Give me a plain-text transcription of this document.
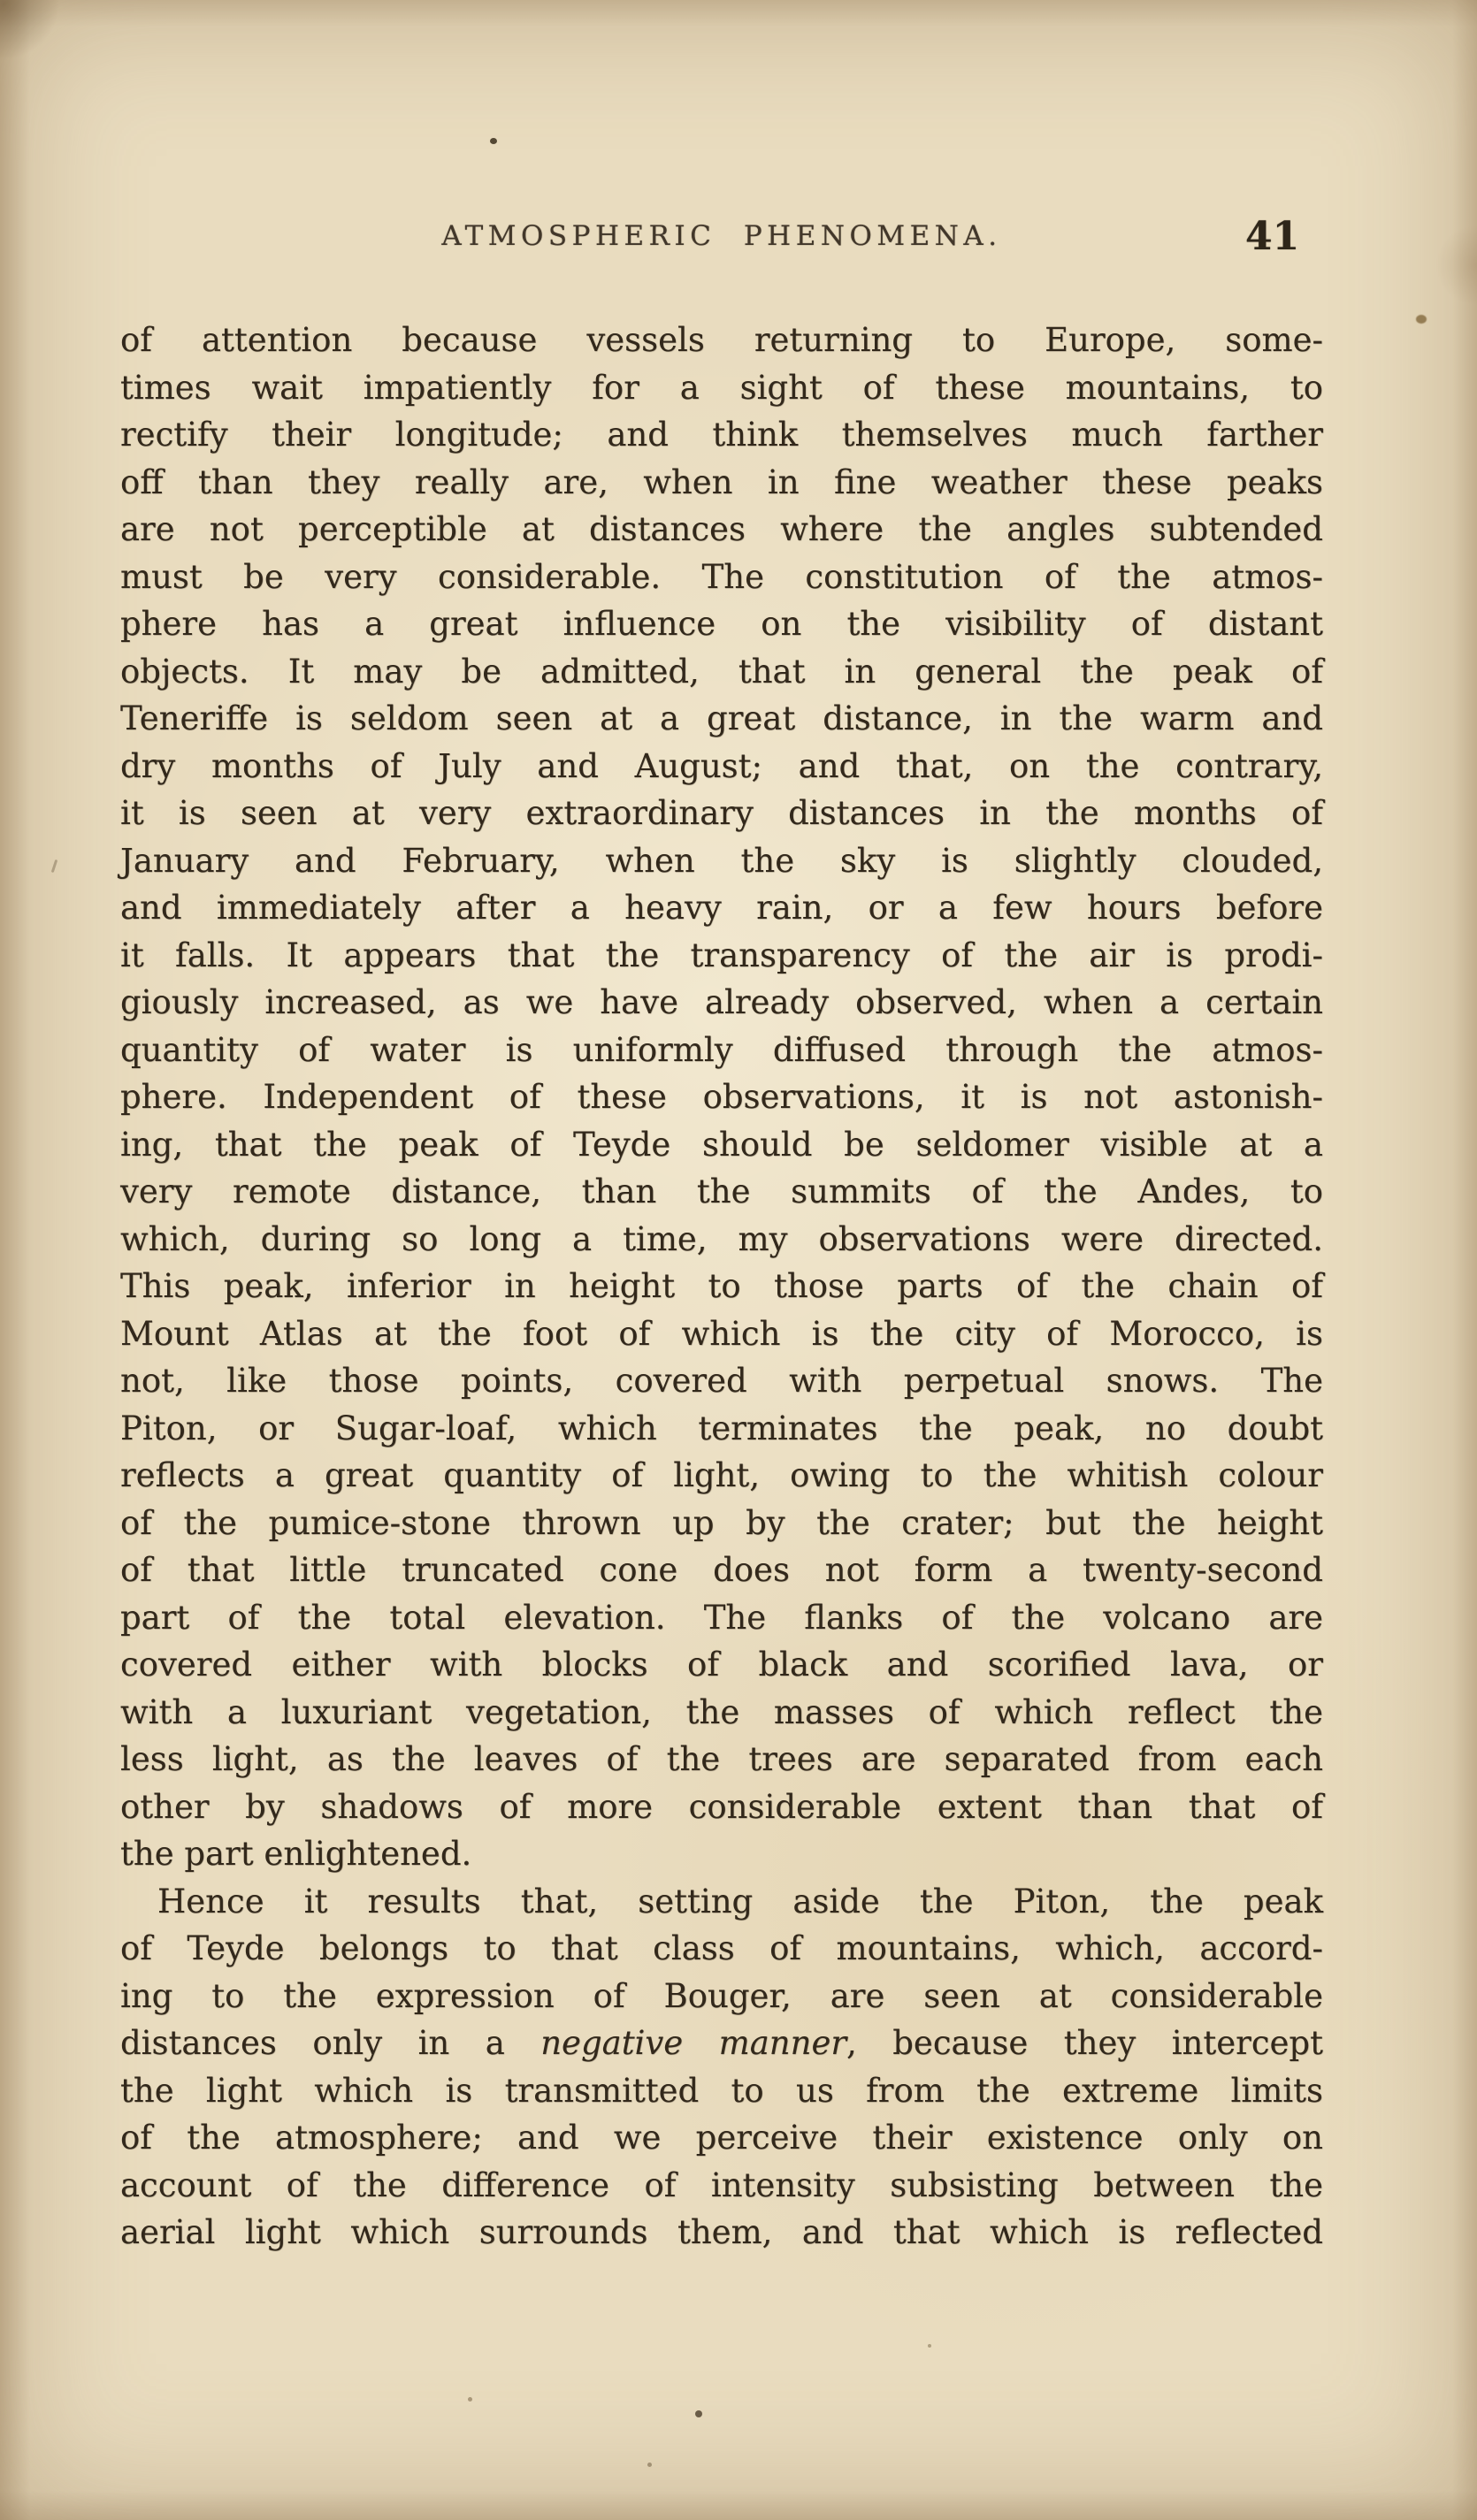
ATMOSPHERIC PHENOMENA.	41
of attention because vessels returning to Europe, some-
times wait impatiently for a sight of these mountains, to
rectify their longitude; and think themselves much farther
off than they really are, when in fine weather these peaks
are not perceptible at distances where the angles subtended
must be very considerable. The constitution of the atmos-
phere has a great influence on the visibility of distant
objects. It may be admitted, that in general the peak of
Teneriffe is seldom seen at a great distance, in the warm and
dry months of July and August; and that, on the contrary,
it is seen at very extraordinary distances in the months of
January and February, when the sky is slightly clouded,
and immediately after a heavy rain, or a few hours before
it falls. It appears that the transparency of the air is prodi-
giously increased, as we have already observed, when a certain
quantity of water is uniformly diffused through the atmos-
phere. Independent of these observations, it is not astonish-
ing, that the peak of Teyde should be seldomer visible at a
very remote distance, than the summits of the Andes, to
which, during so long a time, my observations were directed.
This peak, inferior in height to those parts of the chain of
Mount Atlas at the foot of which is the city of Morocco, is
not, like those points, covered with perpetual snows. The
Piton, or Sugar-loaf, which terminates the peak, no doubt
reflects a great quantity of light, owing to the whitish colour
of the pumice-stone thrown up by the crater; but the height
of that little truncated cone does not form a twenty-second
part of the total elevation. The flanks of the volcano are
covered either with blocks of black and scorified lava, or
with a luxuriant vegetation, the masses of which reflect the
less light, as the leaves of the trees are separated from each
other by shadows of more considerable extent than that of
the part enlightened.
Hence it results that, setting aside the Piton, the peak
of Teyde belongs to that class of mountains, which, accord-
ing to the expression of Bouger, are seen at considerable
distances only in a negative manner, because they intercept
the light which is transmitted to us from the extreme limits
of the atmosphere; and we perceive their existence only on
account of the difference of intensity subsisting between the
aerial light which surrounds them, and that which is reflected
